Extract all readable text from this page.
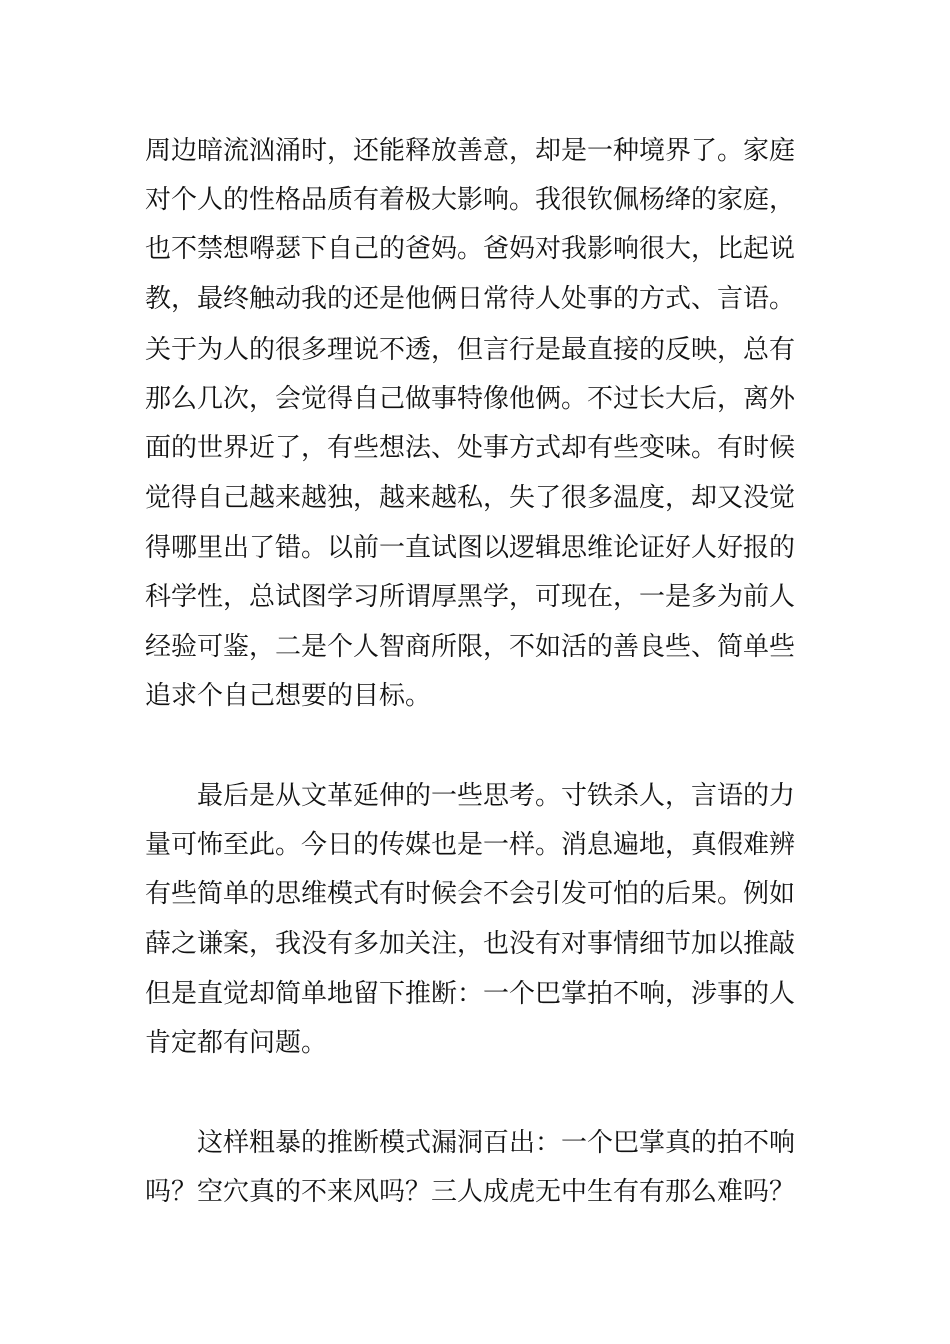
周边暗流汹涌时，还能释放善意，却是一种境界了。家庭
对个人的性格品质有着极大影响。我很钦佩杨绛的家庭，
也不禁想嘚瑟下自己的爸妈。爸妈对我影响很大，比起说
教，最终触动我的还是他俩日常待人处事的方式、言语。
关于为人的很多理说不透，但言行是最直接的反映，总有
那么几次，会觉得自己做事特像他俩。不过长大后，离外
面的世界近了，有些想法、处事方式却有些变味。有时候
觉得自己越来越独，越来越私，失了很多温度，却又没觉
得哪里出了错。以前一直试图以逻辑思维论证好人好报的
科学性，总试图学习所谓厚黑学，可现在，一是多为前人
经验可鉴，二是个人智商所限，不如活的善良些、简单些
追求个自己想要的目标。
最后是从文革延伸的一些思考。寸铁杀人，言语的力
量可怖至此。今日的传媒也是一样。消息遍地，真假难辨
有些简单的思维模式有时候会不会引发可怕的后果。例如
薛之谦案，我没有多加关注，也没有对事情细节加以推敲
但是直觉却简单地留下推断：一个巴掌拍不响，涉事的人
肯定都有问题。
这样粗暴的推断模式漏洞百出：一个巴掌真的拍不响
吗？空穴真的不来风吗？三人成虎无中生有有那么难吗？
